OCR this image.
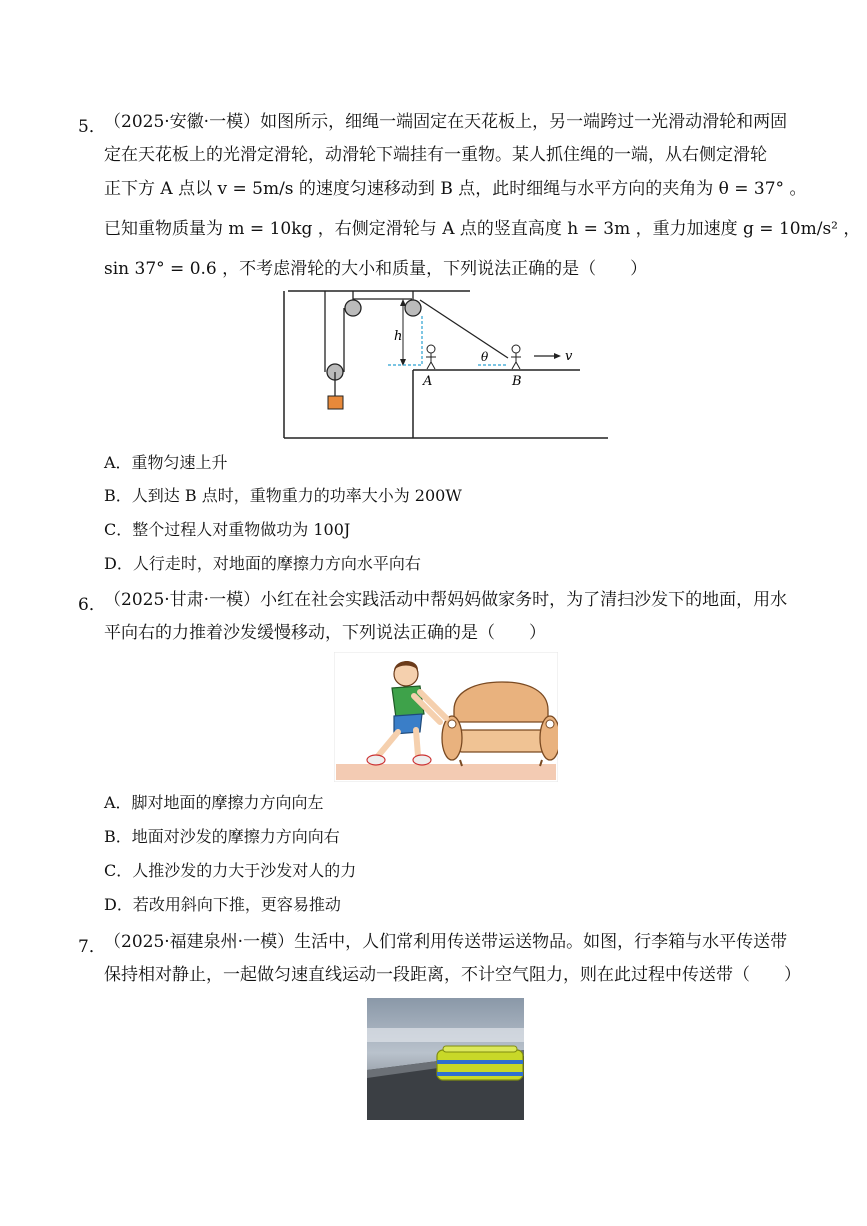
5．
（2025·安徽·一模）如图所示，细绳一端固定在天花板上，另一端跨过一光滑动滑轮和两固
定在天花板上的光滑定滑轮，动滑轮下端挂有一重物。某人抓住绳的一端，从右侧定滑轮
正下方 A 点以 v = 5m/s 的速度匀速移动到 B 点，此时细绳与水平方向的夹角为 θ = 37° 。
已知重物质量为 m = 10kg ，右侧定滑轮与 A 点的竖直高度 h = 3m ，重力加速度 g = 10m/s² ，
sin 37° = 0.6 ，不考虑滑轮的大小和质量，下列说法正确的是（　　）
h
A	B
θ	v
A．重物匀速上升
B．人到达 B 点时，重物重力的功率大小为 200W
C．整个过程人对重物做功为 100J
D．人行走时，对地面的摩擦力方向水平向右
6．
（2025·甘肃·一模）小红在社会实践活动中帮妈妈做家务时，为了清扫沙发下的地面，用水
平向右的力推着沙发缓慢移动，下列说法正确的是（　　）
A．脚对地面的摩擦力方向向左
B．地面对沙发的摩擦力方向向右
C．人推沙发的力大于沙发对人的力
D．若改用斜向下推，更容易推动
7．
（2025·福建泉州·一模）生活中，人们常利用传送带运送物品。如图，行李箱与水平传送带
保持相对静止，一起做匀速直线运动一段距离，不计空气阻力，则在此过程中传送带（　　）
